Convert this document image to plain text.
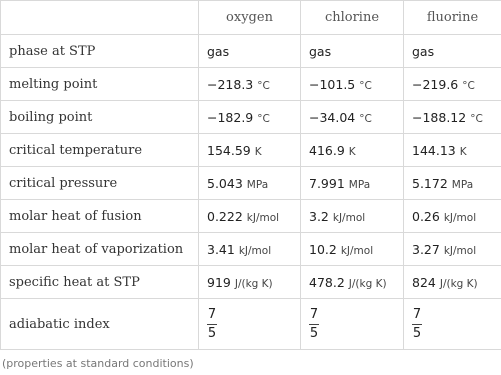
	oxygen	chlorine	fluorine
phase at STP	gas	gas	gas
melting point	−218.3 °C	−101.5 °C	−219.6 °C
boiling point	−182.9 °C	−34.04 °C	−188.12 °C
critical temperature	154.59 K	416.9 K	144.13 K
critical pressure	5.043 MPa	7.991 MPa	5.172 MPa
molar heat of fusion	0.222 kJ/mol	3.2 kJ/mol	0.26 kJ/mol
molar heat of vaporization	3.41 kJ/mol	10.2 kJ/mol	3.27 kJ/mol
specific heat at STP	919 J/(kg K)	478.2 J/(kg K)	824 J/(kg K)
adiabatic index	$\frac{7}{5}$	$\frac{7}{5}$	$\frac{7}{5}$
(properties at standard conditions)
